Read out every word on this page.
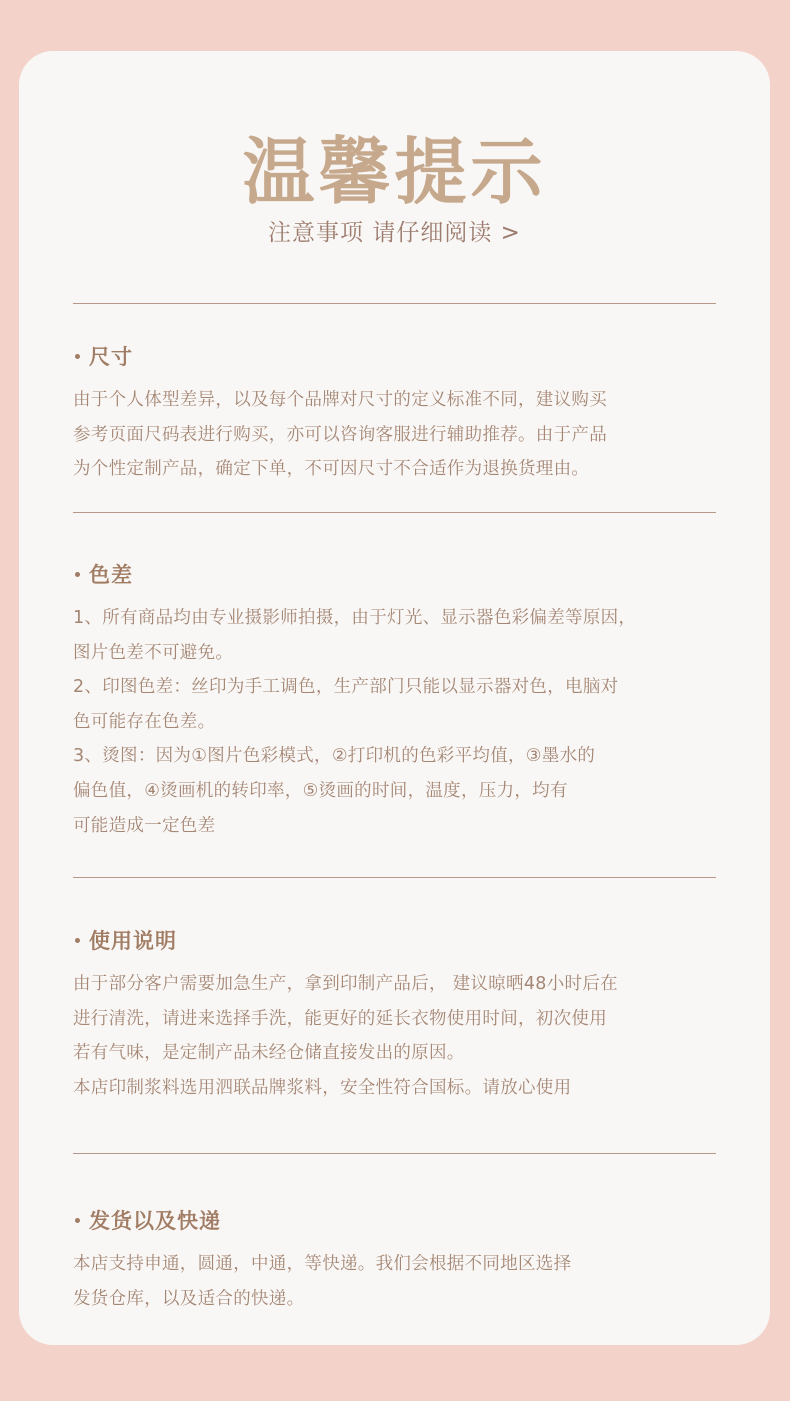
温馨提示
注意事项 请仔细阅读 >
尺寸
由于个人体型差异，以及每个品牌对尺寸的定义标准不同，建议购买
参考页面尺码表进行购买，亦可以咨询客服进行辅助推荐。由于产品
为个性定制产品，确定下单，不可因尺寸不合适作为退换货理由。
色差
1、所有商品均由专业摄影师拍摄，由于灯光、显示器色彩偏差等原因，
图片色差不可避免。
2、印图色差：丝印为手工调色，生产部门只能以显示器对色，电脑对
色可能存在色差。
3、烫图：因为①图片色彩模式，②打印机的色彩平均值，③墨水的
偏色值，④烫画机的转印率，⑤烫画的时间，温度，压力，均有
可能造成一定色差
使用说明
由于部分客户需要加急生产，拿到印制产品后， 建议晾晒48小时后在
进行清洗，请进来选择手洗，能更好的延长衣物使用时间，初次使用
若有气味，是定制产品未经仓储直接发出的原因。
本店印制浆料选用泗联品牌浆料，安全性符合国标。请放心使用
发货以及快递
本店支持申通，圆通，中通，等快递。我们会根据不同地区选择
发货仓库，以及适合的快递。
